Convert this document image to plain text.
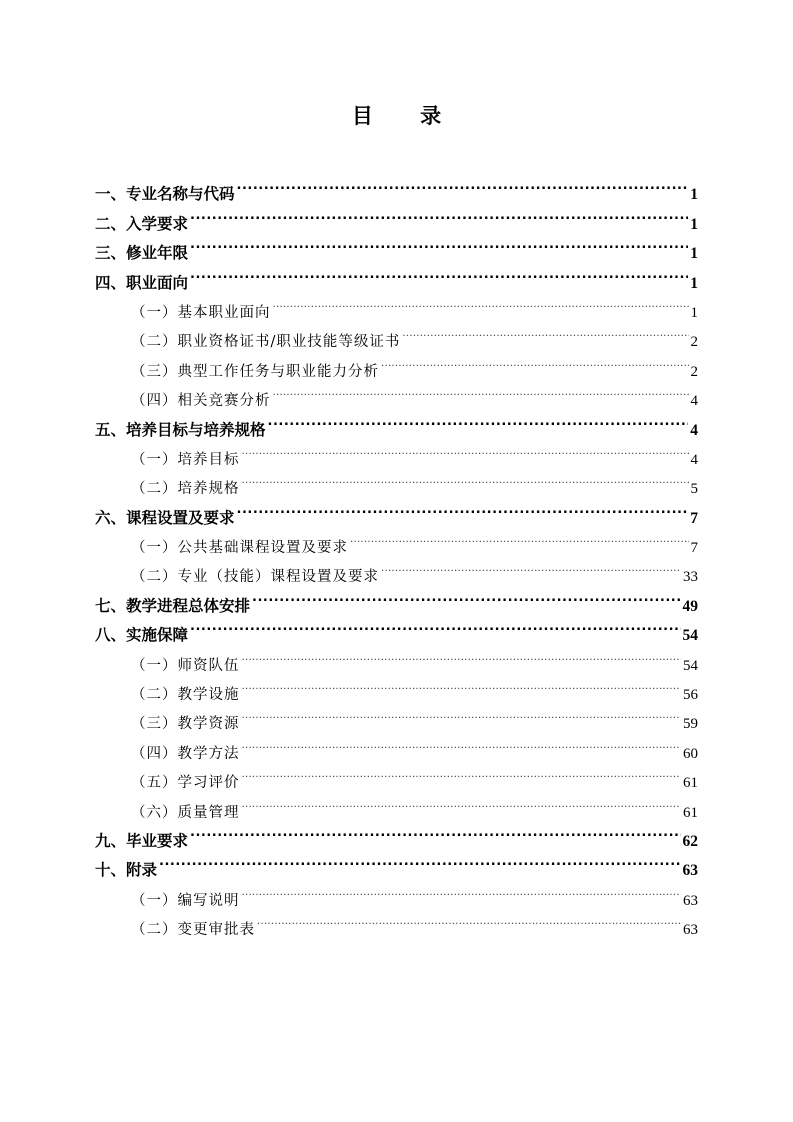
目 录
一、专业名称与代码 .....	1
二、入学要求 .....	1
三、修业年限 .....	1
四、职业面向 .....	1
（一）基本职业面向 .....	1
（二）职业资格证书/职业技能等级证书 .....	2
（三）典型工作任务与职业能力分析 .....	2
（四）相关竞赛分析 .....	4
五、培养目标与培养规格 .....	4
（一）培养目标 .....	4
（二）培养规格 .....	5
六、课程设置及要求 .....	7
（一）公共基础课程设置及要求 .....	7
（二）专业（技能）课程设置及要求 .....	33
七、教学进程总体安排 .....	49
八、实施保障 .....	54
（一）师资队伍 .....	54
（二）教学设施 .....	56
（三）教学资源 .....	59
（四）教学方法 .....	60
（五）学习评价 .....	61
（六）质量管理 .....	61
九、毕业要求 .....	62
十、附录 .....	63
（一）编写说明 .....	63
（二）变更审批表 .....	63
